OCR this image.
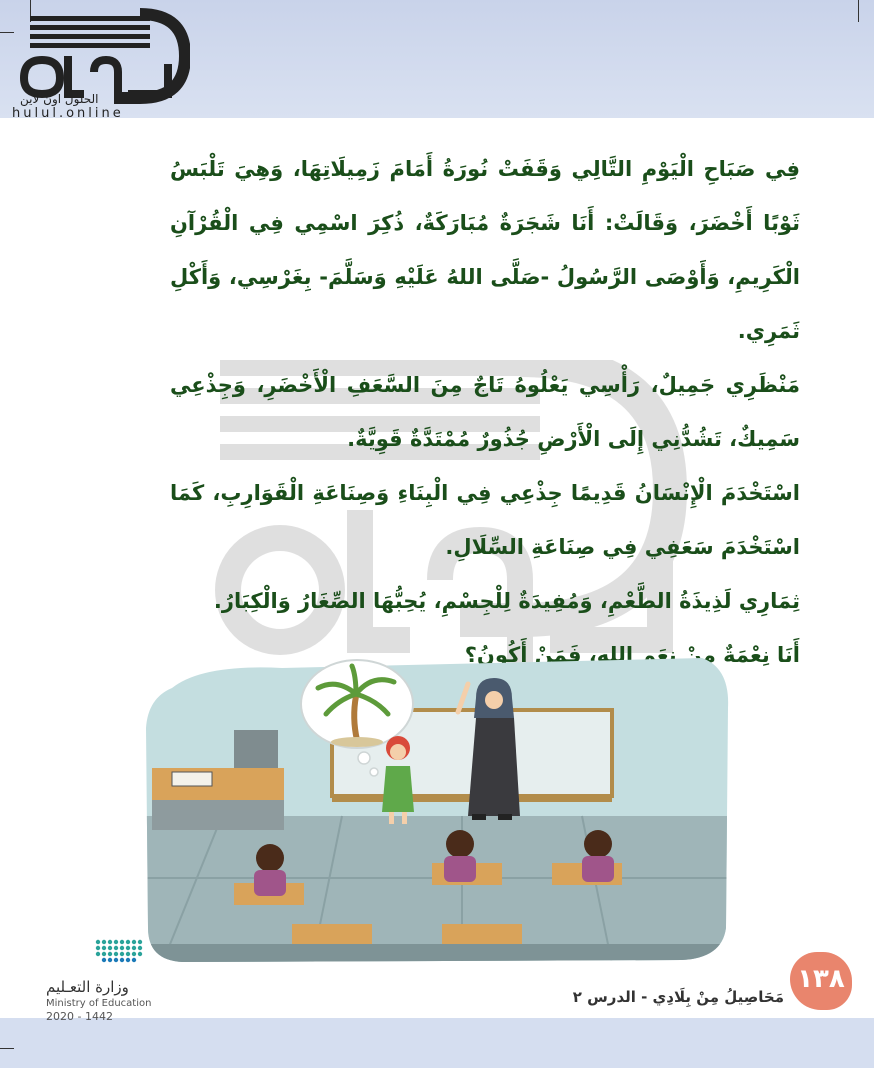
الحلول اون لاين
hulul.online

فِي صَبَاحِ الْيَوْمِ التَّالِي وَقَفَتْ نُورَةُ أَمَامَ زَمِيلَاتِهَا، وَهِيَ تَلْبَسُ ثَوْبًا أَخْضَرَ، وَقَالَتْ: أَنَا شَجَرَةٌ مُبَارَكَةٌ، ذُكِرَ اسْمِي فِي الْقُرْآنِ الْكَرِيمِ، وَأَوْصَى الرَّسُولُ -صَلَّى اللهُ عَلَيْهِ وَسَلَّمَ- بِغَرْسِي، وَأَكْلِ ثَمَرِي.

مَنْظَرِي جَمِيلٌ، رَأْسِي يَعْلُوهُ تَاجٌ مِنَ السَّعَفِ الْأَخْضَرِ، وَجِذْعِي سَمِيكٌ، تَشُدُّنِي إِلَى الْأَرْضِ جُذُورٌ مُمْتَدَّةٌ قَوِيَّةٌ.

اسْتَخْدَمَ الْإِنْسَانُ قَدِيمًا جِذْعِي فِي الْبِنَاءِ وَصِنَاعَةِ الْقَوَارِبِ، كَمَا اسْتَخْدَمَ سَعَفِي فِي صِنَاعَةِ السِّلَالِ.

ثِمَارِي لَذِيذَةُ الطَّعْمِ، وَمُفِيدَةٌ لِلْجِسْمِ، يُحِبُّهَا الصِّغَارُ وَالْكِبَارُ.

أَنَا نِعْمَةٌ مِنْ نِعَمِ اللهِ، فَمَنْ أَكُونُ؟

وزارة التعـليم
Ministry of Education
2020 - 1442
مَحَاصِيلُ مِنْ بِلَادِي - الدرس ٢
١٣٨
